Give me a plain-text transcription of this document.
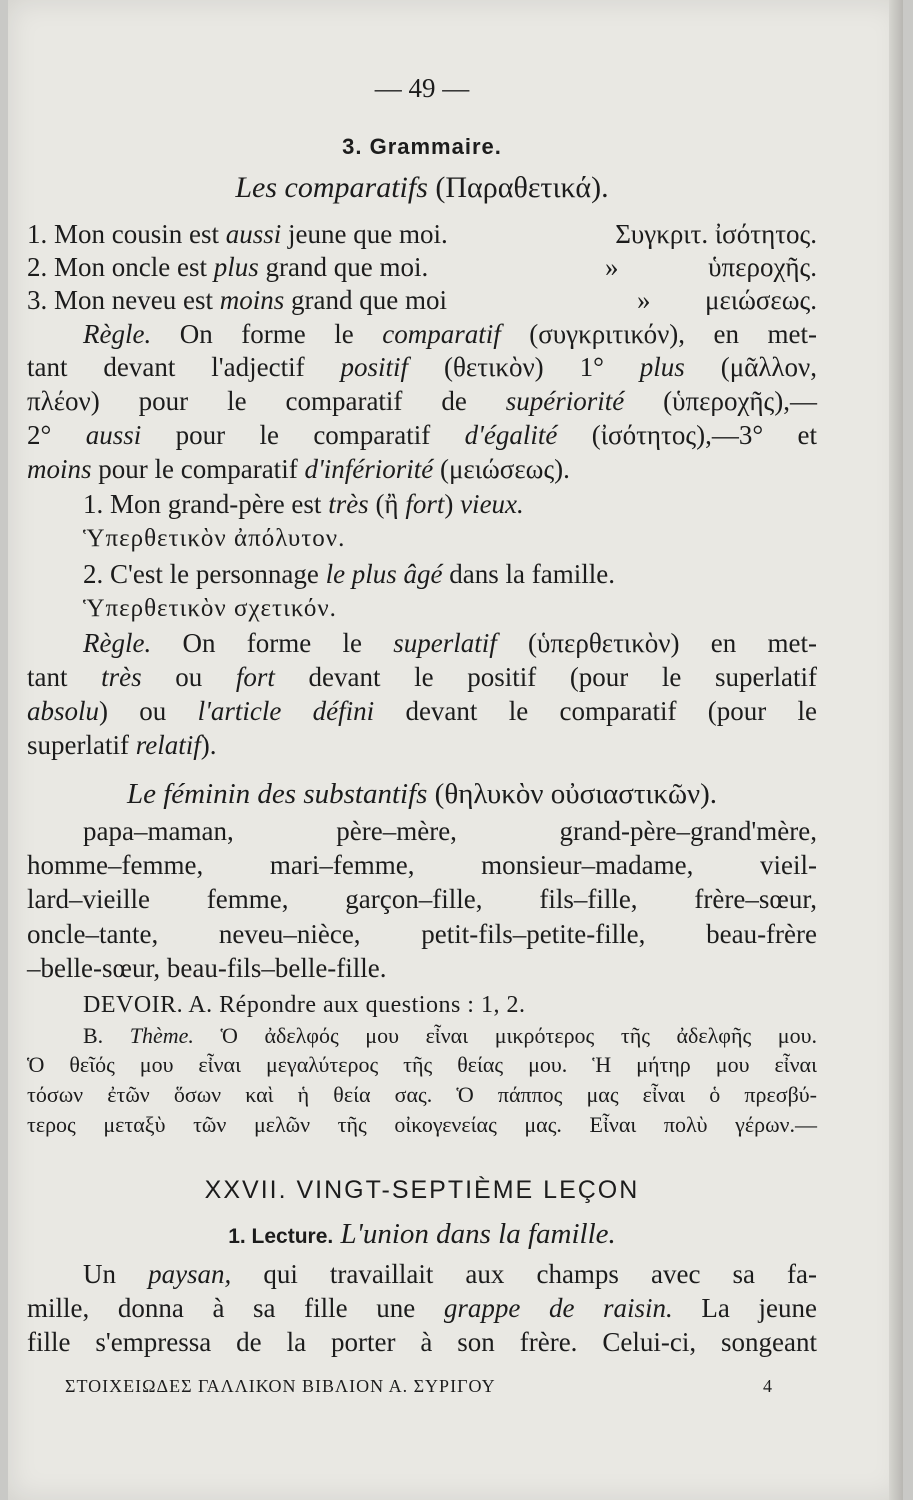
— 49 —
3. Grammaire.
Les comparatifs (Παραθετικά).
1. Mon cousin est aussi jeune que moi.	Συγκριτ. ἰσότητος.
2. Mon oncle est plus grand que moi.	»	ὑπεροχῆς.
3. Mon neveu est moins grand que moi	» μειώσεως.
Règle. On forme le comparatif (συγκριτικόν), en met-
tant devant l'adjectif positif (θετικὸν) 1° plus (μᾶλλον,
πλέον) pour le comparatif de supériorité (ὑπεροχῆς),—
2° aussi pour le comparatif d'égalité (ἰσότητος),—3° et
moins pour le comparatif d'infériorité (μειώσεως).
1. Mon grand-père est très (ἢ fort) vieux.
Ὑπερθετικὸν ἀπόλυτον.
2. C'est le personnage le plus âgé dans la famille.
Ὑπερθετικὸν σχετικόν.
Règle. On forme le superlatif (ὑπερθετικὸν) en met-
tant très ou fort devant le positif (pour le superlatif
absolu) ou l'article défini devant le comparatif (pour le
superlatif relatif).
Le féminin des substantifs (θηλυκὸν οὐσιαστικῶν).
papa–maman, père–mère, grand-père–grand'mère,
homme–femme, mari–femme, monsieur–madame, vieil-
lard–vieille femme, garçon–fille, fils–fille, frère–sœur,
oncle–tante, neveu–nièce, petit-fils–petite-fille, beau-frère
–belle-sœur, beau-fils–belle-fille.
DEVOIR. A. Répondre aux questions : 1, 2.
B. Thème. Ὁ ἀδελφός μου εἶναι μικρότερος τῆς ἀδελφῆς μου.
Ὁ θεῖός μου εἶναι μεγαλύτερος τῆς θείας μου. Ἡ μήτηρ μου εἶναι
τόσων ἐτῶν ὅσων καὶ ἡ θεία σας. Ὁ πάππος μας εἶναι ὁ πρεσβύ-
τερος μεταξὺ τῶν μελῶν τῆς οἰκογενείας μας. Εἶναι πολὺ γέρων.—
XXVII. VINGT-SEPTIÈME LEÇON
1. Lecture. L'union dans la famille.
Un paysan, qui travaillait aux champs avec sa fa-
mille, donna à sa fille une grappe de raisin. La jeune
fille s'empressa de la porter à son frère. Celui-ci, songeant
ΣΤΟΙΧΕΙΩΔΕΣ ΓΑΛΛΙΚΟΝ ΒΙΒΛΙΟΝ Α. ΣΥΡΙΓΟΥ	4
